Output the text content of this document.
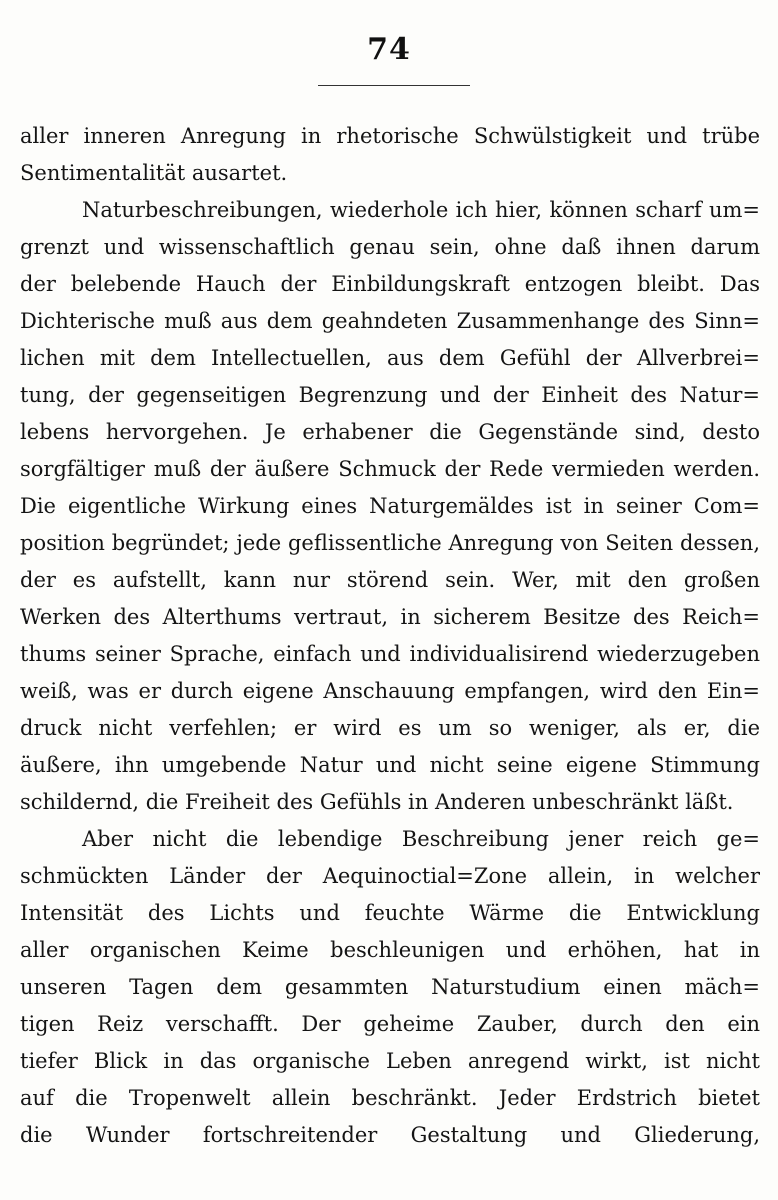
74
aller inneren Anregung in rhetorische Schwülstigkeit und trübe
Sentimentalität ausartet.
Naturbeschreibungen, wiederhole ich hier, können scharf um=
grenzt und wissenschaftlich genau sein, ohne daß ihnen darum
der belebende Hauch der Einbildungskraft entzogen bleibt. Das
Dichterische muß aus dem geahndeten Zusammenhange des Sinn=
lichen mit dem Intellectuellen, aus dem Gefühl der Allverbrei=
tung, der gegenseitigen Begrenzung und der Einheit des Natur=
lebens hervorgehen. Je erhabener die Gegenstände sind, desto
sorgfältiger muß der äußere Schmuck der Rede vermieden werden.
Die eigentliche Wirkung eines Naturgemäldes ist in seiner Com=
position begründet; jede geflissentliche Anregung von Seiten dessen,
der es aufstellt, kann nur störend sein. Wer, mit den großen
Werken des Alterthums vertraut, in sicherem Besitze des Reich=
thums seiner Sprache, einfach und individualisirend wiederzugeben
weiß, was er durch eigene Anschauung empfangen, wird den Ein=
druck nicht verfehlen; er wird es um so weniger, als er, die
äußere, ihn umgebende Natur und nicht seine eigene Stimmung
schildernd, die Freiheit des Gefühls in Anderen unbeschränkt läßt.
Aber nicht die lebendige Beschreibung jener reich ge=
schmückten Länder der Aequinoctial=Zone allein, in welcher
Intensität des Lichts und feuchte Wärme die Entwicklung
aller organischen Keime beschleunigen und erhöhen, hat in
unseren Tagen dem gesammten Naturstudium einen mäch=
tigen Reiz verschafft. Der geheime Zauber, durch den ein
tiefer Blick in das organische Leben anregend wirkt, ist nicht
auf die Tropenwelt allein beschränkt. Jeder Erdstrich bietet
die Wunder fortschreitender Gestaltung und Gliederung,
